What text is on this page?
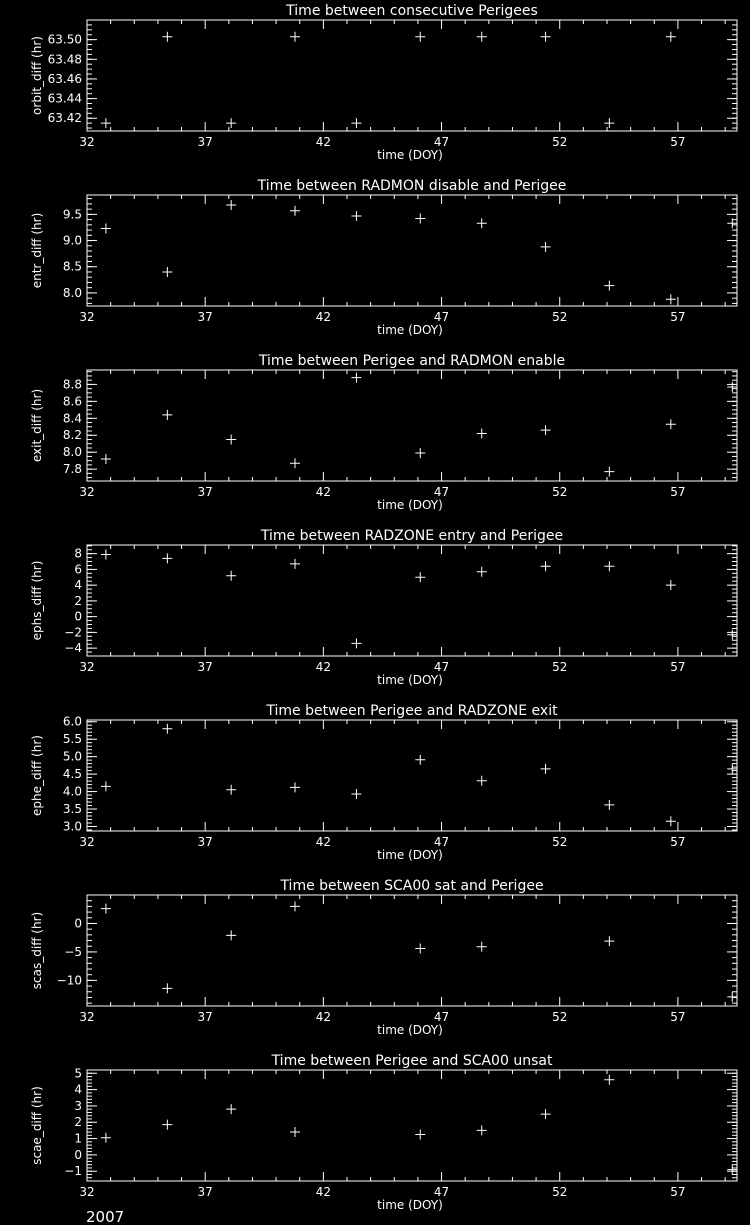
2007
Time between consecutive Perigees
32	37	42	47	52	57
63.42
63.44
63.46
63.48
63.50
time (DOY)
orbit_diff (hr)
Time between RADMON disable and Perigee
32	37	42	47	52	57
8.0
8.5
9.0
9.5
time (DOY)
entr_diff (hr)
Time between Perigee and RADMON enable
32	37	42	47	52	57
7.8
8.0
8.2
8.4
8.6
8.8
time (DOY)
exit_diff (hr)
Time between RADZONE entry and Perigee
32	37	42	47	52	57
−4
−2
0
2
4
6
8
time (DOY)
ephs_diff (hr)
Time between Perigee and RADZONE exit
32	37	42	47	52	57
3.0
3.5
4.0
4.5
5.0
5.5
6.0
time (DOY)
ephe_diff (hr)
Time between SCA00 sat and Perigee
32	37	42	47	52	57
−10
−5
0
time (DOY)
scas_diff (hr)
Time between Perigee and SCA00 unsat
32	37	42	47	52	57
−1
0
1
2
3
4
5
time (DOY)
scae_diff (hr)
